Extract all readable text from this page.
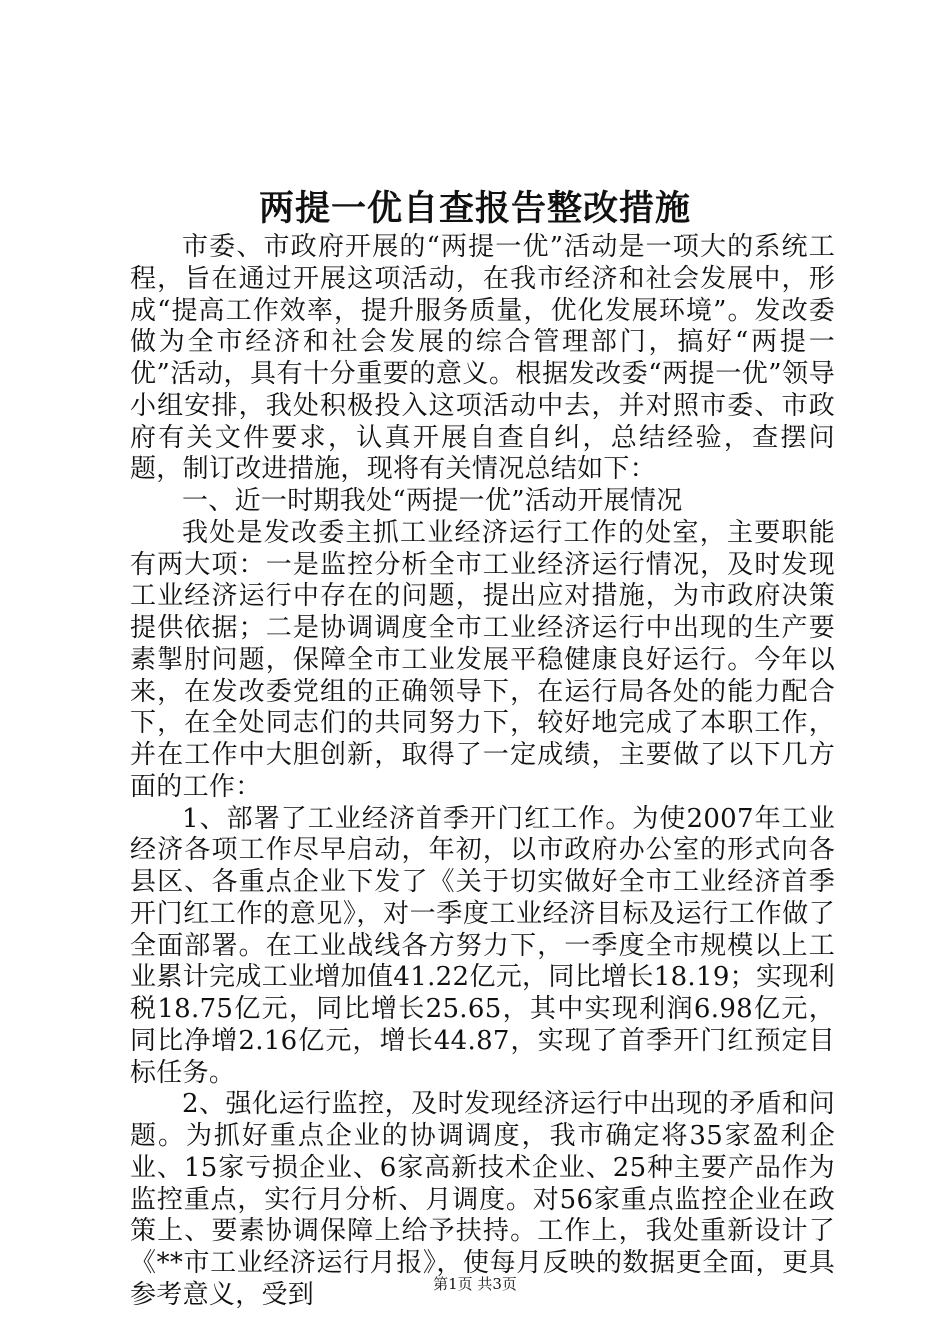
两提一优自查报告整改措施

市委、市政府开展的“两提一优”活动是一项大的系统工程，旨在通过开展这项活动，在我市经济和社会发展中，形成“提高工作效率，提升服务质量，优化发展环境”。发改委做为全市经济和社会发展的综合管理部门，搞好“两提一优”活动，具有十分重要的意义。根据发改委“两提一优”领导小组安排，我处积极投入这项活动中去，并对照市委、市政府有关文件要求，认真开展自查自纠，总结经验，查摆问题，制订改进措施，现将有关情况总结如下：

一、近一时期我处“两提一优”活动开展情况

我处是发改委主抓工业经济运行工作的处室，主要职能有两大项：一是监控分析全市工业经济运行情况，及时发现工业经济运行中存在的问题，提出应对措施，为市政府决策提供依据；二是协调调度全市工业经济运行中出现的生产要素掣肘问题，保障全市工业发展平稳健康良好运行。今年以来，在发改委党组的正确领导下，在运行局各处的能力配合下，在全处同志们的共同努力下，较好地完成了本职工作，并在工作中大胆创新，取得了一定成绩，主要做了以下几方面的工作：

1、部署了工业经济首季开门红工作。为使2007年工业经济各项工作尽早启动，年初，以市政府办公室的形式向各县区、各重点企业下发了《关于切实做好全市工业经济首季开门红工作的意见》，对一季度工业经济目标及运行工作做了全面部署。在工业战线各方努力下，一季度全市规模以上工业累计完成工业增加值41.22亿元，同比增长18.19；实现利税18.75亿元，同比增长25.65，其中实现利润6.98亿元，同比净增2.16亿元，增长44.87，实现了首季开门红预定目标任务。

2、强化运行监控，及时发现经济运行中出现的矛盾和问题。为抓好重点企业的协调调度，我市确定将35家盈利企业、15家亏损企业、6家高新技术企业、25种主要产品作为监控重点，实行月分析、月调度。对56家重点监控企业在政策上、要素协调保障上给予扶持。工作上，我处重新设计了《**市工业经济运行月报》，使每月反映的数据更全面，更具参考意义，受到	第1页 共3页
